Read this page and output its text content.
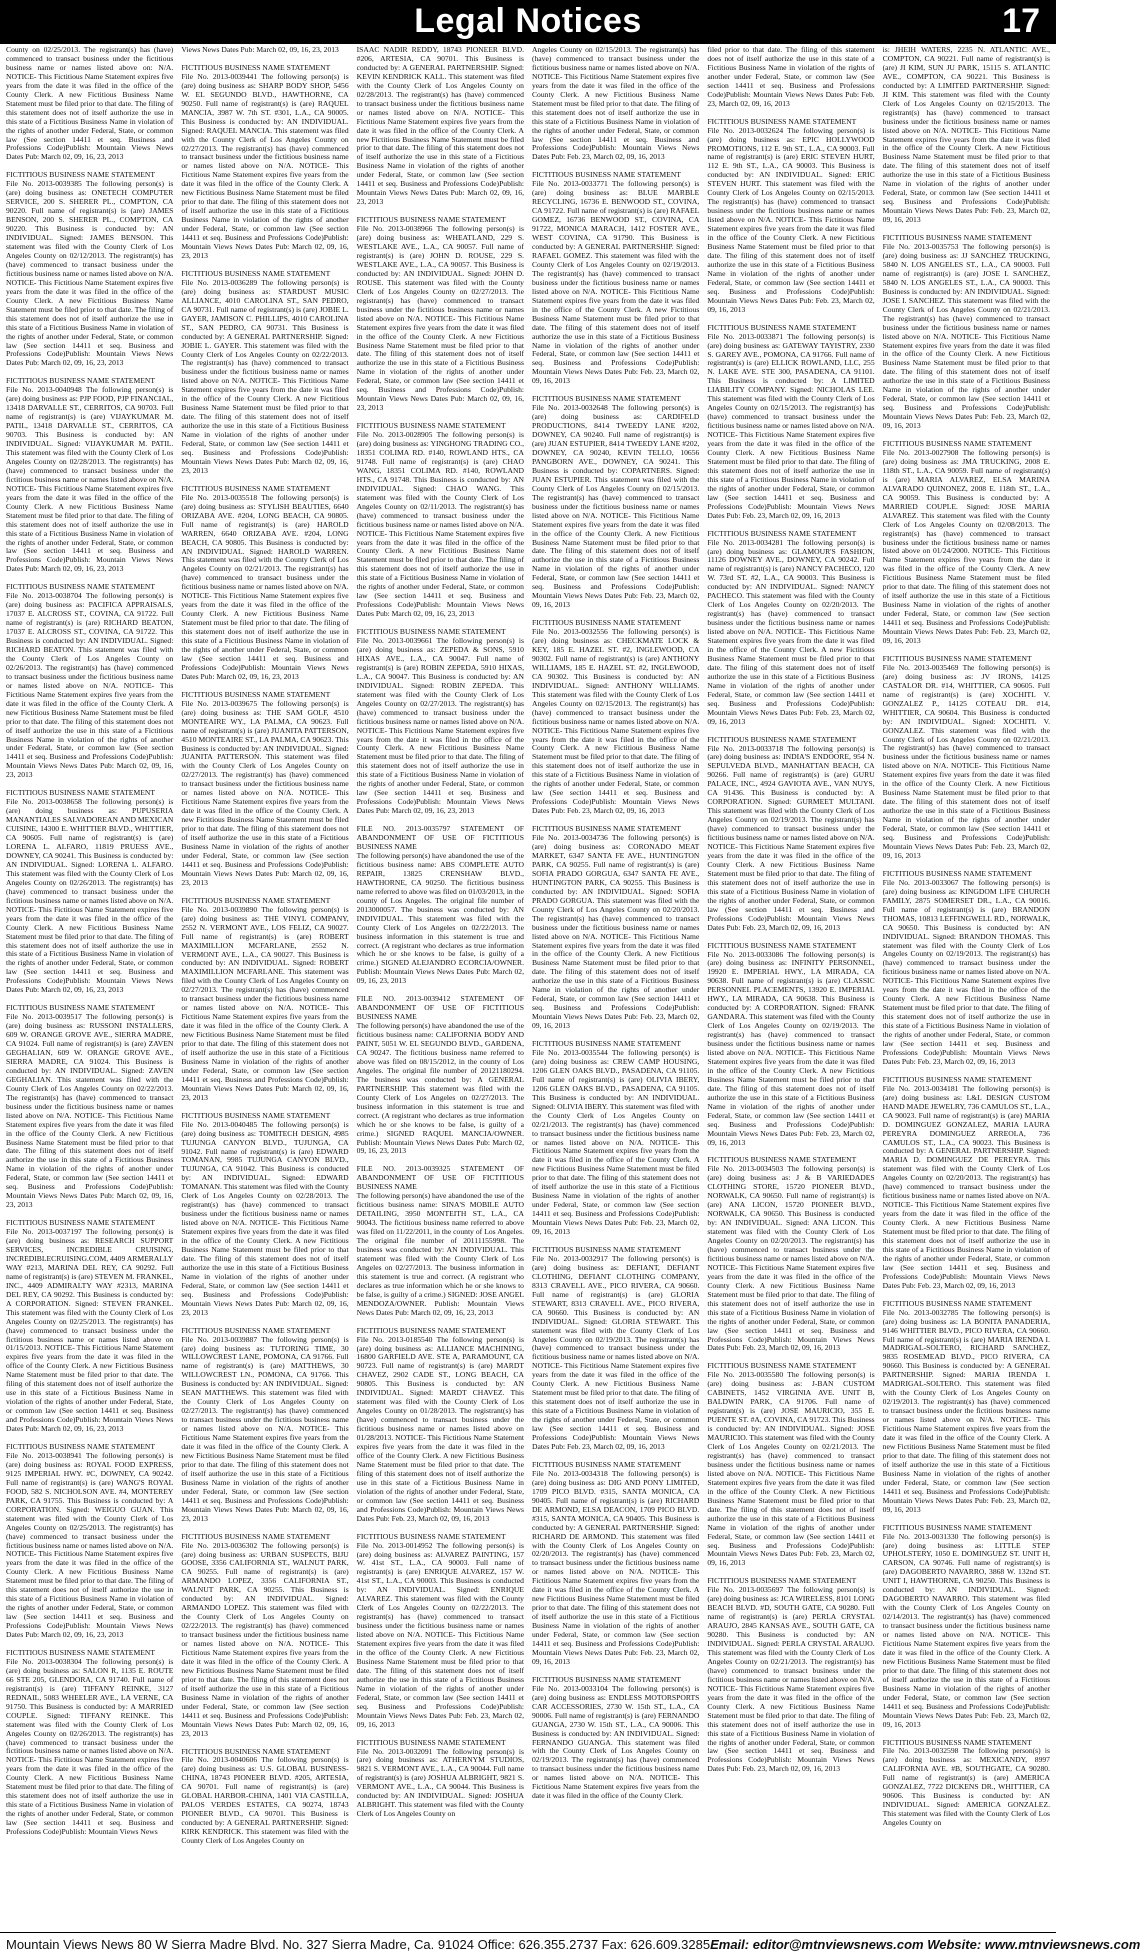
Legal Notices	17

County on 02/25/2013. The registrant(s) has (have) commenced to transact business under the fictitious business name or names listed above on: N/A. NOTICE- This Fictitious Name Statement expires five years from the date it was filed in the office of the County Clerk. A new Fictitious Business Name Statement must be filed prior to that date. The filing of this statement does not of itself authorize the use in this state of a Fictitious Business Name in violation of the rights of another under Federal, State, or common law (See section 14411 et seq. Business and Professions Code)Publish: Mountain Views News Dates Pub: March 02, 09, 16, 23, 2013

FICTITIOUS BUSINESS NAME STATEMENT

File No. 2013-0039385 The following person(s) is (are) doing business as: ONETECH COMPUTER SERVICE, 200 S. SHERER PL., COMPTON, CA 90220. Full name of registrant(s) is (are) JAMES BENSON, 200 S. SHERER PL., COMPTON, CA 90220. This Business is conducted by: AN INDIVIDUAL. Signed: JAMES BENSON. This statement was filed with the County Clerk of Los Angeles County on 02/12/2013. The registrant(s) has (have) commenced to transact business under the fictitious business name or names listed above on N/A. NOTICE- This Fictitious Name Statement expires five years from the date it was filed in the office of the County Clerk. A new Fictitious Business Name Statement must be filed prior to that date. The filing of this statement does not of itself authorize the use in this state of a Fictitious Business Name in violation of the rights of another under Federal, State, or common law (See section 14411 et seq. Business and Professions Code)Publish: Mountain Views News Dates Pub: March 02, 09, 16, 23, 2013

FICTITIOUS BUSINESS NAME STATEMENT

File No. 2013-0040948 The following person(s) is (are) doing business as: PJP FOOD, PJP FINANCIAL, 13418 DARVALLE ST., CERRITOS, CA 90703. Full name of registrant(s) is (are) VIJAYKUMAR M. PATIL, 13418 DARVALLE ST., CERRITOS, CA 90703. This Business is conducted by: AN INDIVIDUAL. Signed: VIJAYKUMAR M. PATIL. This statement was filed with the County Clerk of Los Angeles County on 02/28/2013. The registrant(s) has (have) commenced to transact business under the fictitious business name or names listed above on N/A. NOTICE- This Fictitious Name Statement expires five years from the date it was filed in the office of the County Clerk. A new Fictitious Business Name Statement must be filed prior to that date. The filing of this statement does not of itself authorize the use in this state of a Fictitious Business Name in violation of the rights of another under Federal, State, or common law (See section 14411 et seq. Business and Professions Code)Publish: Mountain Views News Dates Pub: March 02, 09, 16, 23, 2013

FICTITIOUS BUSINESS NAME STATEMENT

File No. 2013-0038704 The following person(s) is (are) doing business as: PACIFICA APPRAISALS, 17037 E. ALCROSS ST., COVINA, CA 91722. Full name of registrant(s) is (are) RICHARD BEATON, 17037 E. ALCROSS ST., COVINA, CA 91722. This Business is conducted by: AN INDIVIDUAL. Signed: RICHARD BEATON. This statement was filed with the County Clerk of Los Angeles County on 02/26/2013. The registrant(s) has (have) commenced to transact business under the fictitious business name or names listed above on N/A. NOTICE- This Fictitious Name Statement expires five years from the date it was filed in the office of the County Clerk. A new Fictitious Business Name Statement must be filed prior to that date. The filing of this statement does not of itself authorize the use in this state of a Fictitious Business Name in violation of the rights of another under Federal, State, or common law (See section 14411 et seq. Business and Professions Code)Publish: Mountain Views News Dates Pub: March 02, 09, 16, 23, 2013

FICTITIOUS BUSINESS NAME STATEMENT

File No. 2013-0038658 The following person(s) is (are) doing business as: PUPUSERIA MANANTIALES SALVADOREAN AND MEXICAN CUISINE, 14300 E. WHITTIER BLVD., WHITTIER, CA 90605. Full name of registrant(s) is (are) LORENA L. ALFARO, 11819 PRUESS AVE., DOWNEY, CA 90241. This Business is conducted by: AN INDIVIDUAL. Signed: LORENA L. ALFARO. This statement was filed with the County Clerk of Los Angeles County on 02/26/2013. The registrant(s) has (have) commenced to transact business under the fictitious business name or names listed above on N/A. NOTICE- This Fictitious Name Statement expires five years from the date it was filed in the office of the County Clerk. A new Fictitious Business Name Statement must be filed prior to that date. The filing of this statement does not of itself authorize the use in this state of a Fictitious Business Name in violation of the rights of another under Federal, State, or common law (See section 14411 et seq. Business and Professions Code)Publish: Mountain Views News Dates Pub: March 02, 09, 16, 23, 2013

FICTITIOUS BUSINESS NAME STATEMENT

File No. 2013-0039517 The following person(s) is (are) doing business as: RUSSONI INSTALLERS, 609 W. ORANGE GROVE AVE., SIERRA MADRE, CA 91024. Full name of registrant(s) is (are) ZAVEN GEGHALIAN, 609 W. ORANGE GROVE AVE., SIERRA MADRE, CA 91024. This Business is conducted by: AN INDIVIDUAL. Signed: ZAVEN GEGHALIAN. This statement was filed with the County Clerk of Los Angeles County on 02/22/2013. The registrant(s) has (have) commenced to transact business under the fictitious business name or names listed above on N/A. NOTICE- This Fictitious Name Statement expires five years from the date it was filed in the office of the County Clerk. A new Fictitious Business Name Statement must be filed prior to that date. The filing of this statement does not of itself authorize the use in this state of a Fictitious Business Name in violation of the rights of another under Federal, State, or common law (See section 14411 et seq. Business and Professions Code)Publish: Mountain Views News Dates Pub: March 02, 09, 16, 23, 2013

FICTITIOUS BUSINESS NAME STATEMENT

File No. 2013-0037197 The following person(s) is (are) doing business as: RESEARCH SUPPORT SERVICES, INCREDIBLE CRUISING, INCREDIBLECRUISING.COM, 4409 ARMERALLY WAY #213, MARINA DEL REY, CA 90292. Full name of registrant(s) is (are) STEVEN M. FRANKEL, INC., 4409 ADMIRALTY WAY #2313, MARINA DEL REY, CA 90292. This Business is conducted by: A CORPORATION. Signed: STEVEN FRANKEL. This statement was filed with the County Clerk of Los Angeles County on 02/25/2013. The registrant(s) has (have) commenced to transact business under the fictitious business name or names listed above on 01/15/2013. NOTICE- This Fictitious Name Statement expires five years from the date it was filed in the office of the County Clerk. A new Fictitious Business Name Statement must be filed prior to that date. The filing of this statement does not of itself authorize the use in this state of a Fictitious Business Name in violation of the rights of another under Federal, State, or common law (See section 14411 et seq. Business and Professions Code)Publish: Mountain Views News Dates Pub: March 02, 09, 16, 23, 2013

FICTITIOUS BUSINESS NAME STATEMENT

File No. 2013-0038941 The following person(s) is (are) doing business as: ROYAL FOOD EXPRESS, 9125 IMPERIAL HWY. #C, DOWNEY, CA 90242. Full name of registrant(s) is (are) WANG'S ROYAL FOOD, 582 S. NICHOLSON AVE. #4, MONTEREY PARK, CA 91755. This Business is conducted by: A CORPORATION. Signed: WEIGUO GUAN. This statement was filed with the County Clerk of Los Angeles County on 02/25/2013. The registrant(s) has (have) commenced to transact business under the fictitious business name or names listed above on N/A. NOTICE- This Fictitious Name Statement expires five years from the date it was filed in the office of the County Clerk. A new Fictitious Business Name Statement must be filed prior to that date. The filing of this statement does not of itself authorize the use in this state of a Fictitious Business Name in violation of the rights of another under Federal, State, or common law (See section 14411 et seq. Business and Professions Code)Publish: Mountain Views News Dates Pub: March 02, 09, 16, 23, 2013

FICTITIOUS BUSINESS NAME STATEMENT

File No. 2013-0038304 The following person(s) is (are) doing business as: SALON R, 1135 E. ROUTE 66 STE 205, GLENDORA, CA 91740. Full name of registrant(s) is (are) TIFFANY REINKE, 3127 REDNAIL, 5083 WHEELER AVE., LA VERNE, CA 91750. This Business is conducted by: A MARRIED COUPLE. Signed: TIFFANY REINKE. This statement was filed with the County Clerk of Los Angeles County on 02/26/2013. The registrant(s) has (have) commenced to transact business under the fictitious business name or names listed above on N/A. NOTICE- This Fictitious Name Statement expires five years from the date it was filed in the office of the County Clerk. A new Fictitious Business Name Statement must be filed prior to that date. The filing of this statement does not of itself authorize the use in this state of a Fictitious Business Name in violation of the rights of another under Federal, State, or common law (See section 14411 et seq. Business and Professions Code)Publish: Mountain Views News

Views News Dates Pub: March 02, 09, 16, 23, 2013

FICTITIOUS BUSINESS NAME STATEMENT

File No. 2013-0039441 The following person(s) is (are) doing business as: SHARP BODY SHOP, 5456 W. EL SEGUNDO BLVD., HAWTHORNE, CA 90250. Full name of registrant(s) is (are) RAQUEL MANCIA, 3987 W. 7th ST. #301, L.A., CA 90005. This Business is conducted by: AN INDIVIDUAL. Signed: RAQUEL MANCIA. This statement was filed with the County Clerk of Los Angeles County on 02/27/2013. The registrant(s) has (have) commenced to transact business under the fictitious business name or names listed above on N/A. NOTICE- This Fictitious Name Statement expires five years from the date it was filed in the office of the County Clerk. A new Fictitious Business Name Statement must be filed prior to that date. The filing of this statement does not of itself authorize the use in this state of a Fictitious Business Name in violation of the rights of another under Federal, State, or common law (See section 14411 et seq. Business and Professions Code)Publish: Mountain Views News Dates Pub: March 02, 09, 16, 23, 2013

FICTITIOUS BUSINESS NAME STATEMENT

File No. 2013-0036289 The following person(s) is (are) doing business as: STARDUST MUSIC ALLIANCE, 4010 CAROLINA ST., SAN PEDRO, CA 90731. Full name of registrant(s) is (are) JOBIE L. GAYER, JAMISON C. PHILLIPS, 4010 CAROLINA ST., SAN PEDRO, CA 90731. This Business is conducted by: A GENERAL PARTNERSHIP. Signed: JOBIE L. GAYER. This statement was filed with the County Clerk of Los Angeles County on 02/22/2013. The registrant(s) has (have) commenced to transact business under the fictitious business name or names listed above on N/A. NOTICE- This Fictitious Name Statement expires five years from the date it was filed in the office of the County Clerk. A new Fictitious Business Name Statement must be filed prior to that date. The filing of this statement does not of itself authorize the use in this state of a Fictitious Business Name in violation of the rights of another under Federal, State, or common law (See section 14411 et seq. Business and Professions Code)Publish: Mountain Views News Dates Pub: March 02, 09, 16, 23, 2013

FICTITIOUS BUSINESS NAME STATEMENT

File No. 2013-0035518 The following person(s) is (are) doing business as: STYLISH BEAUTIES, 6640 ORIZABA AVE. #204, LONG BEACH, CA 90805. Full name of registrant(s) is (are) HAROLD WARREN, 6640 ORIZABA AVE. #204, LONG BEACH, CA 90805. This Business is conducted by: AN INDIVIDUAL. Signed: HAROLD WARREN. This statement was filed with the County Clerk of Los Angeles County on 02/21/2013. The registrant(s) has (have) commenced to transact business under the fictitious business name or names listed above on N/A. NOTICE- This Fictitious Name Statement expires five years from the date it was filed in the office of the County Clerk. A new Fictitious Business Name Statement must be filed prior to that date. The filing of this statement does not of itself authorize the use in this state of a Fictitious Business Name in violation of the rights of another under Federal, State, or common law (See section 14411 et seq. Business and Professions Code)Publish: Mountain Views News Dates Pub: March 02, 09, 16, 23, 2013

FICTITIOUS BUSINESS NAME STATEMENT

File No. 2013-0039675 The following person(s) is (are) doing business as: THE SAM GOLF, 4510 MONTEAIRE WY., LA PALMA, CA 90623. Full name of registrant(s) is (are) JUANITA PATTERSON, 4510 MONTEAIRE ST., LA PALMA, CA 90623. This Business is conducted by: AN INDIVIDUAL. Signed: JUANITA PATTERSON. This statement was filed with the County Clerk of Los Angeles County on 02/27/2013. The registrant(s) has (have) commenced to transact business under the fictitious business name or names listed above on N/A. NOTICE- This Fictitious Name Statement expires five years from the date it was filed in the office of the County Clerk. A new Fictitious Business Name Statement must be filed prior to that date. The filing of this statement does not of itself authorize the use in this state of a Fictitious Business Name in violation of the rights of another under Federal, State, or common law (See section 14411 et seq. Business and Professions Code)Publish: Mountain Views News Dates Pub: March 02, 09, 16, 23, 2013

FICTITIOUS BUSINESS NAME STATEMENT

File No. 2013-0039890 The following person(s) is (are) doing business as: THE VINYL COMPANY, 2552 N. VERMONT AVE., LOS FELIZ, CA 90027. Full name of registrant(s) is (are) ROBERT MAXIMILLION MCFARLANE, 2552 N. VERMONT AVE., L.A., CA 90027. This Business is conducted by: AN INDIVIDUAL. Signed: ROBERT MAXIMILLION MCFARLANE. This statement was filed with the County Clerk of Los Angeles County on 02/27/2013. The registrant(s) has (have) commenced to transact business under the fictitious business name or names listed above on N/A. NOTICE- This Fictitious Name Statement expires five years from the date it was filed in the office of the County Clerk. A new Fictitious Business Name Statement must be filed prior to that date. The filing of this statement does not of itself authorize the use in this state of a Fictitious Business Name in violation of the rights of another under Federal, State, or common law (See section 14411 et seq. Business and Professions Code)Publish: Mountain Views News Dates Pub: March 02, 09, 16, 23, 2013

FICTITIOUS BUSINESS NAME STATEMENT

File No. 2013-0040485 The following person(s) is (are) doing business as: TOMITECH DESIGN, 4985 TUJUNGA CANYON BLVD., TUJUNGA, CA 91042. Full name of registrant(s) is (are) EDWARD TOMANAN, 9985 TUJUNGA CANYON BLVD., TUJUNGA, CA 91042. This Business is conducted by: AN INDIVIDUAL. Signed: EDWARD TOMANAN. This statement was filed with the County Clerk of Los Angeles County on 02/28/2013. The registrant(s) has (have) commenced to transact business under the fictitious business name or names listed above on N/A. NOTICE- This Fictitious Name Statement expires five years from the date it was filed in the office of the County Clerk. A new Fictitious Business Name Statement must be filed prior to that date. The filing of this statement does not of itself authorize the use in this state of a Fictitious Business Name in violation of the rights of another under Federal, State, or common law (See section 14411 et seq. Business and Professions Code)Publish: Mountain Views News Dates Pub: March 02, 09, 16, 23, 2013

FICTITIOUS BUSINESS NAME STATEMENT

File No. 2013-0039887 The following person(s) is (are) doing business as: TUTORING TIME, 30 WILLOWCREST LANE, POMONA, CA 91766. Full name of registrant(s) is (are) MATTHEWS, 30 WILLOWCREST LN., POMONA, CA 91766. This Business is conducted by: AN INDIVIDUAL. Signed: SEAN MATTHEWS. This statement was filed with the County Clerk of Los Angeles County on 02/27/2013. The registrant(s) has (have) commenced to transact business under the fictitious business name or names listed above on N/A. NOTICE- This Fictitious Name Statement expires five years from the date it was filed in the office of the County Clerk. A new Fictitious Business Name Statement must be filed prior to that date. The filing of this statement does not of itself authorize the use in this state of a Fictitious Business Name in violation of the rights of another under Federal, State, or common law (See section 14411 et seq. Business and Professions Code)Publish: Mountain Views News Dates Pub: March 02, 09, 16, 23, 2013

FICTITIOUS BUSINESS NAME STATEMENT

File No. 2013-0036302 The following person(s) is (are) doing business as: URBAN SUSPECTS, BIJU GOOSE, 3356 CALIFORNIA ST., WALNUT PARK, CA 90255. Full name of registrant(s) is (are) ARMANDO LOPEZ, 3356 CALIFORNIA ST., WALNUT PARK, CA 90255. This Business is conducted by: AN INDIVIDUAL. Signed: ARMANDO LOPEZ. This statement was filed with the County Clerk of Los Angeles County on 02/22/2013. The registrant(s) has (have) commenced to transact business under the fictitious business name or names listed above on N/A. NOTICE- This Fictitious Name Statement expires five years from the date it was filed in the office of the County Clerk. A new Fictitious Business Name Statement must be filed prior to that date. The filing of this statement does not of itself authorize the use in this state of a Fictitious Business Name in violation of the rights of another under Federal, State, or common law (See section 14411 et seq. Business and Professions Code)Publish: Mountain Views News Dates Pub: March 02, 09, 16, 23, 2013

FICTITIOUS BUSINESS NAME STATEMENT

File No. 2013-0040606 The following person(s) is (are) doing business as: U.S. GLOBAL BUSINESS-CHINA, 18743 PIONEER BLVD. #205, ARTESIA, CA 90701. Full name of registrant(s) is (are) GLOBAL HARBOR-CHINA, 1401 VIA CASTILLA, PALOS VERDES ESTATES, CA 90274, 18743 PIONEER BLVD., CA 90701. This Business is conducted by: A GENERAL PARTNERSHIP. Signed: KIRK KENDRICK. This statement was filed with the County Clerk of Los Angeles County on

ISAAC NADIR REDDY, 18743 PIONEER BLVD. #206, ARTESIA, CA 90701. This Business is conducted by: A GENERAL PARTNERSHIP. Signed: KEVIN KENDRICK KALL. This statement was filed with the County Clerk of Los Angeles County on 02/28/2013. The registrant(s) has (have) commenced to transact business under the fictitious business name or names listed above on N/A. NOTICE- This Fictitious Name Statement expires five years from the date it was filed in the office of the County Clerk. A new Fictitious Business Name Statement must be filed prior to that date. The filing of this statement does not of itself authorize the use in this state of a Fictitious Business Name in violation of the rights of another under Federal, State, or common law (See section 14411 et seq. Business and Professions Code)Publish: Mountain Views News Dates Pub: March 02, 09, 16, 23, 2013

FICTITIOUS BUSINESS NAME STATEMENT

File No. 2013-0038966 The following person(s) is (are) doing business as: WHEATLAND, 229 S. WESTLAKE AVE., L.A., CA 90057. Full name of registrant(s) is (are) JOHN D. ROUSE, 229 S. WESTLAKE AVE., L.A., CA 90057. This Business is conducted by: AN INDIVIDUAL. Signed: JOHN D. ROUSE. This statement was filed with the County Clerk of Los Angeles County on 02/27/2013. The registrant(s) has (have) commenced to transact business under the fictitious business name or names listed above on N/A. NOTICE- This Fictitious Name Statement expires five years from the date it was filed in the office of the County Clerk. A new Fictitious Business Name Statement must be filed prior to that date. The filing of this statement does not of itself authorize the use in this state of a Fictitious Business Name in violation of the rights of another under Federal, State, or common law (See section 14411 et seq. Business and Professions Code)Publish: Mountain Views News Dates Pub: March 02, 09, 16, 23, 2013

FICTITIOUS BUSINESS NAME STATEMENT

File No. 2013-0028905 The following person(s) is (are) doing business as: YINGHONG TRADING CO., 18351 COLIMA RD. #140, ROWLAND HTS., CA 91748. Full name of registrant(s) is (are) CHAO WANG, 18351 COLIMA RD. #140, ROWLAND HTS., CA 91748. This Business is conducted by: AN INDIVIDUAL. Signed: CHAO WANG. This statement was filed with the County Clerk of Los Angeles County on 02/11/2013. The registrant(s) has (have) commenced to transact business under the fictitious business name or names listed above on N/A. NOTICE- This Fictitious Name Statement expires five years from the date it was filed in the office of the County Clerk. A new Fictitious Business Name Statement must be filed prior to that date. The filing of this statement does not of itself authorize the use in this state of a Fictitious Business Name in violation of the rights of another under Federal, State, or common law (See section 14411 et seq. Business and Professions Code)Publish: Mountain Views News Dates Pub: March 02, 09, 16, 23, 2013

FICTITIOUS BUSINESS NAME STATEMENT

File No. 2013-0039661 The following person(s) is (are) doing business as: ZEPEDA & SONS, 5910 HIXAS AVE., L.A., CA 90047. Full name of registrant(s) is (are) ROBIN ZEPEDA, 5910 HIXAS, L.A., CA 90047. This Business is conducted by: AN INDIVIDUAL. Signed: ROBIN ZEPEDA. This statement was filed with the County Clerk of Los Angeles County on 02/27/2013. The registrant(s) has (have) commenced to transact business under the fictitious business name or names listed above on N/A. NOTICE- This Fictitious Name Statement expires five years from the date it was filed in the office of the County Clerk. A new Fictitious Business Name Statement must be filed prior to that date. The filing of this statement does not of itself authorize the use in this state of a Fictitious Business Name in violation of the rights of another under Federal, State, or common law (See section 14411 et seq. Business and Professions Code)Publish: Mountain Views News Dates Pub: March 02, 09, 16, 23, 2013

FILE NO. 2013-0035797 STATEMENT OF ABANDONMENT OF USE OF FICTITIOUS BUSINESS NAME

The following person(s) have abandoned the use of the fictitious business name: ABS COMPLETE AUTO REPAIR, 13825 CRENSHAW BLVD., HAWTHORNE, CA 90250. The fictitious business name referred to above was filed on 01/03/2013, in the county of Los Angeles. The original file number of 2013000057. The business was conducted by: AN INDIVIDUAL. This statement was filed with the County Clerk of Los Angeles on 02/22/2013. The business information in this statement is true and correct. (A registrant who declares as true information which he or she knows to be false, is guilty of a crime.) SIGNED ALEJANDRO ECORCIA/OWNER. Publish: Mountain Views News Dates Pub: March 02, 09, 16, 23, 2013

FILE NO. 2013-0039412 STATEMENT OF ABANDONMENT OF USE OF FICTITIOUS BUSINESS NAME

The following person(s) have abandoned the use of the fictitious business name: CALIFORNIA BODY AND PAINT, 5051 W. EL SEGUNDO BLVD., GARDENA, CA 90247. The fictitious business name referred to above was filed on 08/15/2012, in the county of Los Angeles. The original file number of 20121180294. The business was conducted by: A GENERAL PARTNERSHIP. This statement was filed with the County Clerk of Los Angeles on 02/27/2013. The business information in this statement is true and correct. (A registrant who declares as true information which he or she knows to be false, is guilty of a crime.) SIGNED RAQUEL MANCIA/OWNER. Publish: Mountain Views News Dates Pub: March 02, 09, 16, 23, 2013

FILE NO. 2013-0039325 STATEMENT OF ABANDONMENT OF USE OF FICTITIOUS BUSINESS NAME

The following person(s) have abandoned the use of the fictitious business name: SINA'S MOBILE AUTO DETAILING, 3950 MONTEITH ST., L.A., CA 90043. The fictitious business name referred to above was filed on 11/22/2011, in the county of Los Angeles. The original file number of 20111155998. The business was conducted by: AN INDIVIDUAL. This statement was filed with the County Clerk of Los Angeles on 02/27/2013. The business information in this statement is true and correct. (A registrant who declares as true information which he or she knows to be false, is guilty of a crime.) SIGNED: JOSE ANGEL MENDOZA/OWNER. Publish: Mountain Views News Dates Pub: March 02, 09, 16, 23, 2013

FICTITIOUS BUSINESS NAME STATEMENT

File No. 2013-0185540 The following person(s) is (are) doing business as: ALLIANCE MACHINING, 16800 GARFIELD AVE. STE A, PARAMOUNT, CA 90723. Full name of registrant(s) is (are) MARDT CHAVEZ, 2902 CADE ST., LONG BEACH, CA 90805. This Business is conducted by: AN INDIVIDUAL. Signed: MARDT CHAVEZ. This statement was filed with the County Clerk of Los Angeles County on 01/28/2013. The registrant(s) has (have) commenced to transact business under the fictitious business name or names listed above on 01/28/2013. NOTICE- This Fictitious Name Statement expires five years from the date it was filed in the office of the County Clerk. A new Fictitious Business Name Statement must be filed prior to that date. The filing of this statement does not of itself authorize the use in this state of a Fictitious Business Name in violation of the rights of another under Federal, State, or common law (See section 14411 et seq. Business and Professions Code)Publish: Mountain Views News Dates Pub: Feb. 23, March 02, 09, 16, 2013

FICTITIOUS BUSINESS NAME STATEMENT

File No. 2013-0014952 The following person(s) is (are) doing business as: ALVAREZ PAINTING, 157 W. 41st ST., L.A., CA 90003. Full name of registrant(s) is (are) ENRIQUE ALVAREZ, 157 W. 41st ST., L.A., CA 90003. This Business is conducted by: AN INDIVIDUAL. Signed: ENRIQUE ALVAREZ. This statement was filed with the County Clerk of Los Angeles County on 02/22/2013. The registrant(s) has (have) commenced to transact business under the fictitious business name or names listed above on N/A. NOTICE- This Fictitious Name Statement expires five years from the date it was filed in the office of the County Clerk. A new Fictitious Business Name Statement must be filed prior to that date. The filing of this statement does not of itself authorize the use in this state of a Fictitious Business Name in violation of the rights of another under Federal, State, or common law (See section 14411 et seq. Business and Professions Code)Publish: Mountain Views News Dates Pub: Feb. 23, March 02, 09, 16, 2013

FICTITIOUS BUSINESS NAME STATEMENT

File No. 2013-0032091 The following person(s) is (are) doing business as: ATHERNYM STUDIOS, 9821 S. VERMONT AVE., L.A., CA 90044. Full name of registrant(s) is (are) JOSHUA ALBRIGHT, 9821 S. VERMONT AVE., L.A., CA 90044. This Business is conducted by: AN INDIVIDUAL. Signed: JOSHUA ALBRIGHT. This statement was filed with the County Clerk of Los Angeles County on

Angeles County on 02/15/2013. The registrant(s) has (have) commenced to transact business under the fictitious business name or names listed above on N/A. NOTICE- This Fictitious Name Statement expires five years from the date it was filed in the office of the County Clerk. A new Fictitious Business Name Statement must be filed prior to that date. The filing of this statement does not of itself authorize the use in this state of a Fictitious Business Name in violation of the rights of another under Federal, State, or common law (See section 14411 et seq. Business and Professions Code)Publish: Mountain Views News Dates Pub: Feb. 23, March 02, 09, 16, 2013

FICTITIOUS BUSINESS NAME STATEMENT

File No. 2013-0033771 The following person(s) is (are) doing business as: BLUE MARBLE RECYCLING, 16736 E. BENWOOD ST., COVINA, CA 91722. Full name of registrant(s) is (are) RAFAEL GOMEZ, 16736 BENWOOD ST., COVINA, CA 91722, MONICA MARACH, 1412 FOSTER AVE., WEST COVINA, CA 91790. This Business is conducted by: A GENERAL PARTNERSHIP. Signed: RAFAEL GOMEZ. This statement was filed with the County Clerk of Los Angeles County on 02/19/2013. The registrant(s) has (have) commenced to transact business under the fictitious business name or names listed above on N/A. NOTICE- This Fictitious Name Statement expires five years from the date it was filed in the office of the County Clerk. A new Fictitious Business Name Statement must be filed prior to that date. The filing of this statement does not of itself authorize the use in this state of a Fictitious Business Name in violation of the rights of another under Federal, State, or common law (See section 14411 et seq. Business and Professions Code)Publish: Mountain Views News Dates Pub: Feb. 23, March 02, 09, 16, 2013

FICTITIOUS BUSINESS NAME STATEMENT

File No. 2013-0032648 The following person(s) is (are) doing business as: CARDIFELD PRODUCTIONS, 8414 TWEEDY LANE #202, DOWNEY, CA 90240. Full name of registrant(s) is (are) JUAN ESTUPIER, 8414 TWEEDY LANE #202, DOWNEY, CA 90240, KEVIN TELLO, 10656 PANGBORN AVE., DOWNEY, CA 90241. This Business is conducted by: COPARTNERS. Signed: JUAN ESTUPIER. This statement was filed with the County Clerk of Los Angeles County on 02/15/2013. The registrant(s) has (have) commenced to transact business under the fictitious business name or names listed above on N/A. NOTICE- This Fictitious Name Statement expires five years from the date it was filed in the office of the County Clerk. A new Fictitious Business Name Statement must be filed prior to that date. The filing of this statement does not of itself authorize the use in this state of a Fictitious Business Name in violation of the rights of another under Federal, State, or common law (See section 14411 et seq. Business and Professions Code)Publish: Mountain Views News Dates Pub: Feb. 23, March 02, 09, 16, 2013

FICTITIOUS BUSINESS NAME STATEMENT

File No. 2013-0032556 The following person(s) is (are) doing business as: CHECKMATE LOCK & KEY, 185 E. HAZEL ST. #2, INGLEWOOD, CA 90302. Full name of registrant(s) is (are) ANTHONY WILLIAMS, 185 E. HAZEL ST. #2, INGLEWOOD, CA 90302. This Business is conducted by: AN INDIVIDUAL. Signed: ANTHONY WILLIAMS. This statement was filed with the County Clerk of Los Angeles County on 02/15/2013. The registrant(s) has (have) commenced to transact business under the fictitious business name or names listed above on N/A. NOTICE- This Fictitious Name Statement expires five years from the date it was filed in the office of the County Clerk. A new Fictitious Business Name Statement must be filed prior to that date. The filing of this statement does not of itself authorize the use in this state of a Fictitious Business Name in violation of the rights of another under Federal, State, or common law (See section 14411 et seq. Business and Professions Code)Publish: Mountain Views News Dates Pub: Feb. 23, March 02, 09, 16, 2013

FICTITIOUS BUSINESS NAME STATEMENT

File No. 2013-0034736 The following person(s) is (are) doing business as: CORONADO MEAT MARKET, 6347 SANTA FE AVE., HUNTINGTON PARK, CA 90255. Full name of registrant(s) is (are) SOFIA PRADO GORGUA, 6347 SANTA FE AVE., HUNTINGTON PARK, CA 90255. This Business is conducted by: AN INDIVIDUAL. Signed: SOFIA PRADO GORGUA. This statement was filed with the County Clerk of Los Angeles County on 02/20/2013. The registrant(s) has (have) commenced to transact business under the fictitious business name or names listed above on N/A. NOTICE- This Fictitious Name Statement expires five years from the date it was filed in the office of the County Clerk. A new Fictitious Business Name Statement must be filed prior to that date. The filing of this statement does not of itself authorize the use in this state of a Fictitious Business Name in violation of the rights of another under Federal, State, or common law (See section 14411 et seq. Business and Professions Code)Publish: Mountain Views News Dates Pub: Feb. 23, March 02, 09, 16, 2013

FICTITIOUS BUSINESS NAME STATEMENT

File No. 2013-0035544 The following person(s) is (are) doing business as: CREW CAMP HOUSING, 1206 GLEN OAKS BLVD., PASADENA, CA 91105. Full name of registrant(s) is (are) OLIVIA IBERY, 1206 GLEN OAKS BLVD., PASADENA, CA 91105. This Business is conducted by: AN INDIVIDUAL. Signed: OLIVIA IBERY. This statement was filed with the County Clerk of Los Angeles County on 02/21/2013. The registrant(s) has (have) commenced to transact business under the fictitious business name or names listed above on N/A. NOTICE- This Fictitious Name Statement expires five years from the date it was filed in the office of the County Clerk. A new Fictitious Business Name Statement must be filed prior to that date. The filing of this statement does not of itself authorize the use in this state of a Fictitious Business Name in violation of the rights of another under Federal, State, or common law (See section 14411 et seq. Business and Professions Code)Publish: Mountain Views News Dates Pub: Feb. 23, March 02, 09, 16, 2013

FICTITIOUS BUSINESS NAME STATEMENT

File No. 2013-0032917 The following person(s) is (are) doing business as: DEFIANT, DEFIANT CLOTHING, DEFIANT CLOTHING COMPANY, 8313 CRAVELL AVE., PICO RIVERA, CA 90660. Full name of registrant(s) is (are) GLORIA STEWART, 8313 CRAVELL AVE., PICO RIVERA, CA 90660. This Business is conducted by: AN INDIVIDUAL. Signed: GLORIA STEWART. This statement was filed with the County Clerk of Los Angeles County on 02/19/2013. The registrant(s) has (have) commenced to transact business under the fictitious business name or names listed above on N/A. NOTICE- This Fictitious Name Statement expires five years from the date it was filed in the office of the County Clerk. A new Fictitious Business Name Statement must be filed prior to that date. The filing of this statement does not of itself authorize the use in this state of a Fictitious Business Name in violation of the rights of another under Federal, State, or common law (See section 14411 et seq. Business and Professions Code)Publish: Mountain Views News Dates Pub: Feb. 23, March 02, 09, 16, 2013

FICTITIOUS BUSINESS NAME STATEMENT

File No. 2013-0034318 The following person(s) is (are) doing business as: DIG AND PONY LIMITED, 1709 PICO BLVD. #315, SANTA MONICA, CA 90405. Full name of registrant(s) is (are) RICHARD DE ARMOND, ELSA DEACON, 1709 PICO BLVD. #315, SANTA MONICA, CA 90405. This Business is conducted by: A GENERAL PARTNERSHIP. Signed: RICHARD DE ARMOND. This statement was filed with the County Clerk of Los Angeles County on 02/20/2013. The registrant(s) has (have) commenced to transact business under the fictitious business name or names listed above on N/A. NOTICE- This Fictitious Name Statement expires five years from the date it was filed in the office of the County Clerk. A new Fictitious Business Name Statement must be filed prior to that date. The filing of this statement does not of itself authorize the use in this state of a Fictitious Business Name in violation of the rights of another under Federal, State, or common law (See section 14411 et seq. Business and Professions Code)Publish: Mountain Views News Dates Pub: Feb. 23, March 02, 09, 16, 2013

FICTITIOUS BUSINESS NAME STATEMENT

File No. 2013-0033104 The following person(s) is (are) doing business as: ENDLESS MOTORSPORTS CAR ACCESSORIES, 2730 W. 15th ST., L.A., CA 90006. Full name of registrant(s) is (are) FERNANDO GUANGA, 2730 W. 15th ST., L.A., CA 90006. This Business is conducted by: AN INDIVIDUAL. Signed: FERNANDO GUANGA. This statement was filed with the County Clerk of Los Angeles County on 02/19/2013. The registrant(s) has (have) commenced to transact business under the fictitious business name or names listed above on N/A. NOTICE- This Fictitious Name Statement expires five years from the date it was filed in the office of the County Clerk.

filed prior to that date. The filing of this statement does not of itself authorize the use in this state of a Fictitious Business Name in violation of the rights of another under Federal, State, or common law (See section 14411 et seq. Business and Professions Code)Publish: Mountain Views News Dates Pub: Feb. 23, March 02, 09, 16, 2013

FICTITIOUS BUSINESS NAME STATEMENT

File No. 2013-0032624 The following person(s) is (are) doing business as: EPIC HOLLYWOOD PROMOTIONS, 112 E. 9th ST., L.A., CA 90003. Full name of registrant(s) is (are) ERIC STEVEN HURT, 112 E. 9th ST., L.A., CA 90003. This Business is conducted by: AN INDIVIDUAL. Signed: ERIC STEVEN HURT. This statement was filed with the County Clerk of Los Angeles County on 02/15/2013. The registrant(s) has (have) commenced to transact business under the fictitious business name or names listed above on N/A. NOTICE- This Fictitious Name Statement expires five years from the date it was filed in the office of the County Clerk. A new Fictitious Business Name Statement must be filed prior to that date. The filing of this statement does not of itself authorize the use in this state of a Fictitious Business Name in violation of the rights of another under Federal, State, or common law (See section 14411 et seq. Business and Professions Code)Publish: Mountain Views News Dates Pub: Feb. 23, March 02, 09, 16, 2013

FICTITIOUS BUSINESS NAME STATEMENT

File No. 2013-0033871 The following person(s) is (are) doing business as: GATEWAY TAYISTRY, 2330 S. GAREY AVE., POMONA, CA 91766. Full name of registrant(s) is (are) ELLICK ROWLAND, LLC, 255 N. LAKE AVE. STE 300, PASADENA, CA 91101. This Business is conducted by: A LIMITED LIABILITY COMPANY. Signed: NICHOLAS LEE. This statement was filed with the County Clerk of Los Angeles County on 02/15/2013. The registrant(s) has (have) commenced to transact business under the fictitious business name or names listed above on N/A. NOTICE- This Fictitious Name Statement expires five years from the date it was filed in the office of the County Clerk. A new Fictitious Business Name Statement must be filed prior to that date. The filing of this statement does not of itself authorize the use in this state of a Fictitious Business Name in violation of the rights of another under Federal, State, or common law (See section 14411 et seq. Business and Professions Code)Publish: Mountain Views News Dates Pub: Feb. 23, March 02, 09, 16, 2013

FICTITIOUS BUSINESS NAME STATEMENT

File No. 2013-0034281 The following person(s) is (are) doing business as: GLAMOUR'S FASHION, 11126 DOWNEY AVE., DOWNEY, CA 90242. Full name of registrant(s) is (are) NANCY PACHECO, 120 W. 73rd ST. #2, L.A., CA 90003. This Business is conducted by: AN INDIVIDUAL. Signed: NANCY PACHECO. This statement was filed with the County Clerk of Los Angeles County on 02/20/2013. The registrant(s) has (have) commenced to transact business under the fictitious business name or names listed above on N/A. NOTICE- This Fictitious Name Statement expires five years from the date it was filed in the office of the County Clerk. A new Fictitious Business Name Statement must be filed prior to that date. The filing of this statement does not of itself authorize the use in this state of a Fictitious Business Name in violation of the rights of another under Federal, State, or common law (See section 14411 et seq. Business and Professions Code)Publish: Mountain Views News Dates Pub: Feb. 23, March 02, 09, 16, 2013

FICTITIOUS BUSINESS NAME STATEMENT

File No. 2013-0033718 The following person(s) is (are) doing business as: INDIA'S ENDOORE, 954 N. SEPULVEDA BLVD., MANHATTAN BEACH, CA 90266. Full name of registrant(s) is (are) GURU PALACE, INC., 4924 GAVIOTA AVE., VAN NUYS, CA 91436. This Business is conducted by: A CORPORATION. Signed: GURMEET MULTANI. This statement was filed with the County Clerk of Los Angeles County on 02/19/2013. The registrant(s) has (have) commenced to transact business under the fictitious business name or names listed above on N/A. NOTICE- This Fictitious Name Statement expires five years from the date it was filed in the office of the County Clerk. A new Fictitious Business Name Statement must be filed prior to that date. The filing of this statement does not of itself authorize the use in this state of a Fictitious Business Name in violation of the rights of another under Federal, State, or common law (See section 14411 et seq. Business and Professions Code)Publish: Mountain Views News Dates Pub: Feb. 23, March 02, 09, 16, 2013

FICTITIOUS BUSINESS NAME STATEMENT

File No. 2013-0033086 The following person(s) is (are) doing business as: INFINITY PERSONNEL, 19920 E. IMPERIAL HWY., LA MIRADA, CA 90638. Full name of registrant(s) is (are) CLASSIC PERSONNEL PLACEMENTS, 13920 E. IMPERIAL HWY., LA MIRADA, CA 90638. This Business is conducted by: A CORPORATION. Signed: FRANK GANDARA. This statement was filed with the County Clerk of Los Angeles County on 02/19/2013. The registrant(s) has (have) commenced to transact business under the fictitious business name or names listed above on N/A. NOTICE- This Fictitious Name Statement expires five years from the date it was filed in the office of the County Clerk. A new Fictitious Business Name Statement must be filed prior to that date. The filing of this statement does not of itself authorize the use in this state of a Fictitious Business Name in violation of the rights of another under Federal, State, or common law (See section 14411 et seq. Business and Professions Code)Publish: Mountain Views News Dates Pub: Feb. 23, March 02, 09, 16, 2013

FICTITIOUS BUSINESS NAME STATEMENT

File No. 2013-0034503 The following person(s) is (are) doing business as: J & B VARIEDADES CLOTHING STORE, 15720 PIONEER BLVD., NORWALK, CA 90650. Full name of registrant(s) is (are) ANA LICON, 15720 PIONEER BLVD., NORWALK, CA 90650. This Business is conducted by: AN INDIVIDUAL. Signed: ANA LICON. This statement was filed with the County Clerk of Los Angeles County on 02/20/2013. The registrant(s) has (have) commenced to transact business under the fictitious business name or names listed above on N/A. NOTICE- This Fictitious Name Statement expires five years from the date it was filed in the office of the County Clerk. A new Fictitious Business Name Statement must be filed prior to that date. The filing of this statement does not of itself authorize the use in this state of a Fictitious Business Name in violation of the rights of another under Federal, State, or common law (See section 14411 et seq. Business and Professions Code)Publish: Mountain Views News Dates Pub: Feb. 23, March 02, 09, 16, 2013

FICTITIOUS BUSINESS NAME STATEMENT

File No. 2013-0035580 The following person(s) is (are) doing business as: J-BAN CUSTOM CABINETS, 1452 VIRGINIA AVE. UNIT B, BALDWIN PARK, CA 91706. Full name of registrant(s) is (are) JOSE MAURICIO, 355 E. PUENTE ST. #A, COVINA, CA 91723. This Business is conducted by: AN INDIVIDUAL. Signed: JOSE MAURICIO. This statement was filed with the County Clerk of Los Angeles County on 02/21/2013. The registrant(s) has (have) commenced to transact business under the fictitious business name or names listed above on N/A. NOTICE- This Fictitious Name Statement expires five years from the date it was filed in the office of the County Clerk. A new Fictitious Business Name Statement must be filed prior to that date. The filing of this statement does not of itself authorize the use in this state of a Fictitious Business Name in violation of the rights of another under Federal, State, or common law (See section 14411 et seq. Business and Professions Code)Publish: Mountain Views News Dates Pub: Feb. 23, March 02, 09, 16, 2013

FICTITIOUS BUSINESS NAME STATEMENT

File No. 2013-0035697 The following person(s) is (are) doing business as: JCA WIRELESS, 8101 LONG BEACH BLVD. #D, SOUTH GATE, CA 90280. Full name of registrant(s) is (are) PERLA CRYSTAL ARAUJO, 2845 KANSAS AVE., SOUTH GATE, CA 90280. This Business is conducted by: AN INDIVIDUAL. Signed: PERLA CRYSTAL ARAUJO. This statement was filed with the County Clerk of Los Angeles County on 02/21/2013. The registrant(s) has (have) commenced to transact business under the fictitious business name or names listed above on N/A. NOTICE- This Fictitious Name Statement expires five years from the date it was filed in the office of the County Clerk. A new Fictitious Business Name Statement must be filed prior to that date. The filing of this statement does not of itself authorize the use in this state of a Fictitious Business Name in violation of the rights of another under Federal, State, or common law (See section 14411 et seq. Business and Professions Code)Publish: Mountain Views News Dates Pub: Feb. 23, March 02, 09, 16, 2013

is: JHEIH WATERS, 2235 N. ATLANTIC AVE., COMPTON, CA 90221. Full name of registrant(s) is (are) JI KIM, SUN JU PARK, 15115 S. ATLANTIC AVE., COMPTON, CA 90221. This Business is conducted by: A LIMITED PARTNERSHIP. Signed: JI KIM. This statement was filed with the County Clerk of Los Angeles County on 02/15/2013. The registrant(s) has (have) commenced to transact business under the fictitious business name or names listed above on N/A. NOTICE- This Fictitious Name Statement expires five years from the date it was filed in the office of the County Clerk. A new Fictitious Business Name Statement must be filed prior to that date. The filing of this statement does not of itself authorize the use in this state of a Fictitious Business Name in violation of the rights of another under Federal, State, or common law (See section 14411 et seq. Business and Professions Code)Publish: Mountain Views News Dates Pub: Feb. 23, March 02, 09, 16, 2013

FICTITIOUS BUSINESS NAME STATEMENT

File No. 2013-0035753 The following person(s) is (are) doing business as: JJ SANCHEZ TRUCKING, 5840 N. LOS ANGELES ST., L.A., CA 90003. Full name of registrant(s) is (are) JOSE I. SANCHEZ, 5840 N. LOS ANGELES ST., L.A., CA 90003. This Business is conducted by: AN INDIVIDUAL. Signed: JOSE I. SANCHEZ. This statement was filed with the County Clerk of Los Angeles County on 02/21/2013. The registrant(s) has (have) commenced to transact business under the fictitious business name or names listed above on N/A. NOTICE- This Fictitious Name Statement expires five years from the date it was filed in the office of the County Clerk. A new Fictitious Business Name Statement must be filed prior to that date. The filing of this statement does not of itself authorize the use in this state of a Fictitious Business Name in violation of the rights of another under Federal, State, or common law (See section 14411 et seq. Business and Professions Code)Publish: Mountain Views News Dates Pub: Feb. 23, March 02, 09, 16, 2013

FICTITIOUS BUSINESS NAME STATEMENT

File No. 2013-0027908 The following person(s) is (are) doing business as: JMA TRUCKING, 2008 E. 118th ST., L.A., CA 90059. Full name of registrant(s) is (are) MARIA ALVAREZ, ELSA MARINA ALVARADO QUINONEZ, 2008 E. 118th ST., L.A., CA 90059. This Business is conducted by: A MARRIED COUPLE. Signed: JOSE MARIA ALVAREZ. This statement was filed with the County Clerk of Los Angeles County on 02/08/2013. The registrant(s) has (have) commenced to transact business under the fictitious business name or names listed above on 01/24/2000. NOTICE- This Fictitious Name Statement expires five years from the date it was filed in the office of the County Clerk. A new Fictitious Business Name Statement must be filed prior to that date. The filing of this statement does not of itself authorize the use in this state of a Fictitious Business Name in violation of the rights of another under Federal, State, or common law (See section 14411 et seq. Business and Professions Code)Publish: Mountain Views News Dates Pub: Feb. 23, March 02, 09, 16, 2013

FICTITIOUS BUSINESS NAME STATEMENT

File No. 2013-0035469 The following person(s) is (are) doing business as: JV IRONS, 14125 CASTALOR DR. #14, WHITTIER, CA 90605. Full name of registrant(s) is (are) XOCHITL V. GONZALEZ P., 14125 COTEAU DR. #14, WHITTIER, CA 90604. This Business is conducted by: AN INDIVIDUAL. Signed: XOCHITL V. GONZALEZ. This statement was filed with the County Clerk of Los Angeles County on 02/21/2013. The registrant(s) has (have) commenced to transact business under the fictitious business name or names listed above on N/A. NOTICE- This Fictitious Name Statement expires five years from the date it was filed in the office of the County Clerk. A new Fictitious Business Name Statement must be filed prior to that date. The filing of this statement does not of itself authorize the use in this state of a Fictitious Business Name in violation of the rights of another under Federal, State, or common law (See section 14411 et seq. Business and Professions Code)Publish: Mountain Views News Dates Pub: Feb. 23, March 02, 09, 16, 2013

FICTITIOUS BUSINESS NAME STATEMENT

File No. 2013-0033067 The following person(s) is (are) doing business as: KINGDOM LIFE CHURCH FAMILY, 2875 SOMERSET DR., L.A., CA 90016. Full name of registrant(s) is (are) BRANDON THOMAS, 10813 LEFFINGWELL RD., NORWALK, CA 90650. This Business is conducted by: AN INDIVIDUAL. Signed: BRANDON THOMAS. This statement was filed with the County Clerk of Los Angeles County on 02/19/2013. The registrant(s) has (have) commenced to transact business under the fictitious business name or names listed above on N/A. NOTICE- This Fictitious Name Statement expires five years from the date it was filed in the office of the County Clerk. A new Fictitious Business Name Statement must be filed prior to that date. The filing of this statement does not of itself authorize the use in this state of a Fictitious Business Name in violation of the rights of another under Federal, State, or common law (See section 14411 et seq. Business and Professions Code)Publish: Mountain Views News Dates Pub: Feb. 23, March 02, 09, 16, 2013

FICTITIOUS BUSINESS NAME STATEMENT

File No. 2013-0034181 The following person(s) is (are) doing business as: L&L DESIGN CUSTOM HAND MADE JEWELRY, 736 CAMULOS ST., L.A., CA 90023. Full name of registrant(s) is (are) MARIA D. DOMINGUEZ GONZALEZ, MARIA LAURA PEREYRA DOMINGUEZ ARREOLA, 736 CAMULOS ST., L.A., CA 90023. This Business is conducted by: A GENERAL PARTNERSHIP. Signed: MARIA D. DOMINGUEZ DE PEREYRA. This statement was filed with the County Clerk of Los Angeles County on 02/20/2013. The registrant(s) has (have) commenced to transact business under the fictitious business name or names listed above on N/A. NOTICE- This Fictitious Name Statement expires five years from the date it was filed in the office of the County Clerk. A new Fictitious Business Name Statement must be filed prior to that date. The filing of this statement does not of itself authorize the use in this state of a Fictitious Business Name in violation of the rights of another under Federal, State, or common law (See section 14411 et seq. Business and Professions Code)Publish: Mountain Views News Dates Pub: Feb. 23, March 02, 09, 16, 2013

FICTITIOUS BUSINESS NAME STATEMENT

File No. 2013-0032785 The following person(s) is (are) doing business as: LA BONITA PANADERIA, 9146 WHITTIER BLVD., PICO RIVERA, CA 90660. Full name of registrant(s) is (are) MARIA IRENDA I. MADRIGAL-SOLTERO, RICHARD SANCHEZ, 9835 ROSEMEAD BLVD., PICO RIVERA, CA 90660. This Business is conducted by: A GENERAL PARTNERSHIP. Signed: MARIA IRENDA I. MADRIGAL-SOLTERO. This statement was filed with the County Clerk of Los Angeles County on 02/19/2013. The registrant(s) has (have) commenced to transact business under the fictitious business name or names listed above on N/A. NOTICE- This Fictitious Name Statement expires five years from the date it was filed in the office of the County Clerk. A new Fictitious Business Name Statement must be filed prior to that date. The filing of this statement does not of itself authorize the use in this state of a Fictitious Business Name in violation of the rights of another under Federal, State, or common law (See section 14411 et seq. Business and Professions Code)Publish: Mountain Views News Dates Pub: Feb. 23, March 02, 09, 16, 2013

FICTITIOUS BUSINESS NAME STATEMENT

File No. 2013-0031330 The following person(s) is (are) doing business as: LITTLE STEP UPHOLSTERY, 1050 E. DOMINGUEZ ST. UNIT H, CARSON, CA 90746. Full name of registrant(s) is (are) DAGOBERTO NAVARRO, 3868 W. 132nd ST. UNIT I, HAWTHORNE, CA 90250. This Business is conducted by: AN INDIVIDUAL. Signed: DAGOBERTO NAVARRO. This statement was filed with the County Clerk of Los Angeles County on 02/14/2013. The registrant(s) has (have) commenced to transact business under the fictitious business name or names listed above on N/A. NOTICE- This Fictitious Name Statement expires five years from the date it was filed in the office of the County Clerk. A new Fictitious Business Name Statement must be filed prior to that date. The filing of this statement does not of itself authorize the use in this state of a Fictitious Business Name in violation of the rights of another under Federal, State, or common law (See section 14411 et seq. Business and Professions Code)Publish: Mountain Views News Dates Pub: Feb. 23, March 02, 09, 16, 2013

FICTITIOUS BUSINESS NAME STATEMENT

File No. 2013-0032598 The following person(s) is (are) doing business as: MEXICANDY, 8997 CALIFORNIA AVE. #B, SOUTHGATE, CA 90280. Full name of registrant(s) is (are) AMERICA GONZALEZ, 7722 DICKENS DR., WHITTIER, CA 90606. This Business is conducted by: AN INDIVIDUAL. Signed: AMERICA GONZALEZ. This statement was filed with the County Clerk of Los Angeles County on

Mountain Views News 80 W Sierra Madre Blvd. No. 327 Sierra Madre, Ca. 91024 Office: 626.355.2737 Fax: 626.609.3285 Email: editor@mtnviewsnews.com Website: www.mtnviewsnews.com
